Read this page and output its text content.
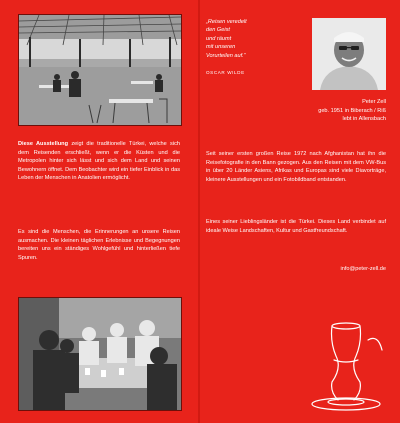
Diese Ausstellung zeigt die traditionelle Türkei, welche sich dem Reisenden erschließt, wenn er die Küsten und die Metropolen hinter sich lässt und sich dem Land und seinen Bewohnern öffnet. Dem Beobachter wird ein tiefer Einblick in das Leben der Menschen in Anatolien ermöglicht.

Es sind die Menschen, die Erinnerungen an unsere Reisen ausmachen. Die kleinen täglichen Erlebnisse und Begegnungen bereiten uns ein ständiges Wohlgefühl und hinterließen tiefe Spuren.

„Reisen veredelt
den Geist
und räumt
mit unseren
Vorurteilen auf.“

OSCAR WILDE
Peter Zell
geb. 1951 in Biberach / Riß
lebt in Allensbach

Seit seiner ersten großen Reise 1972 nach Afghanistan hat ihn die Reisefotografie in den Bann gezogen. Aus den Reisen mit dem VW-Bus in über 20 Länder Asiens, Afrikas und Europas sind viele Diavorträge, kleinere Ausstellungen und ein Fotobildband entstanden.

Eines seiner Lieblingsländer ist die Türkei. Dieses Land verbindet auf ideale Weise Landschaften, Kultur und Gastfreundschaft.

info@peter-zell.de
